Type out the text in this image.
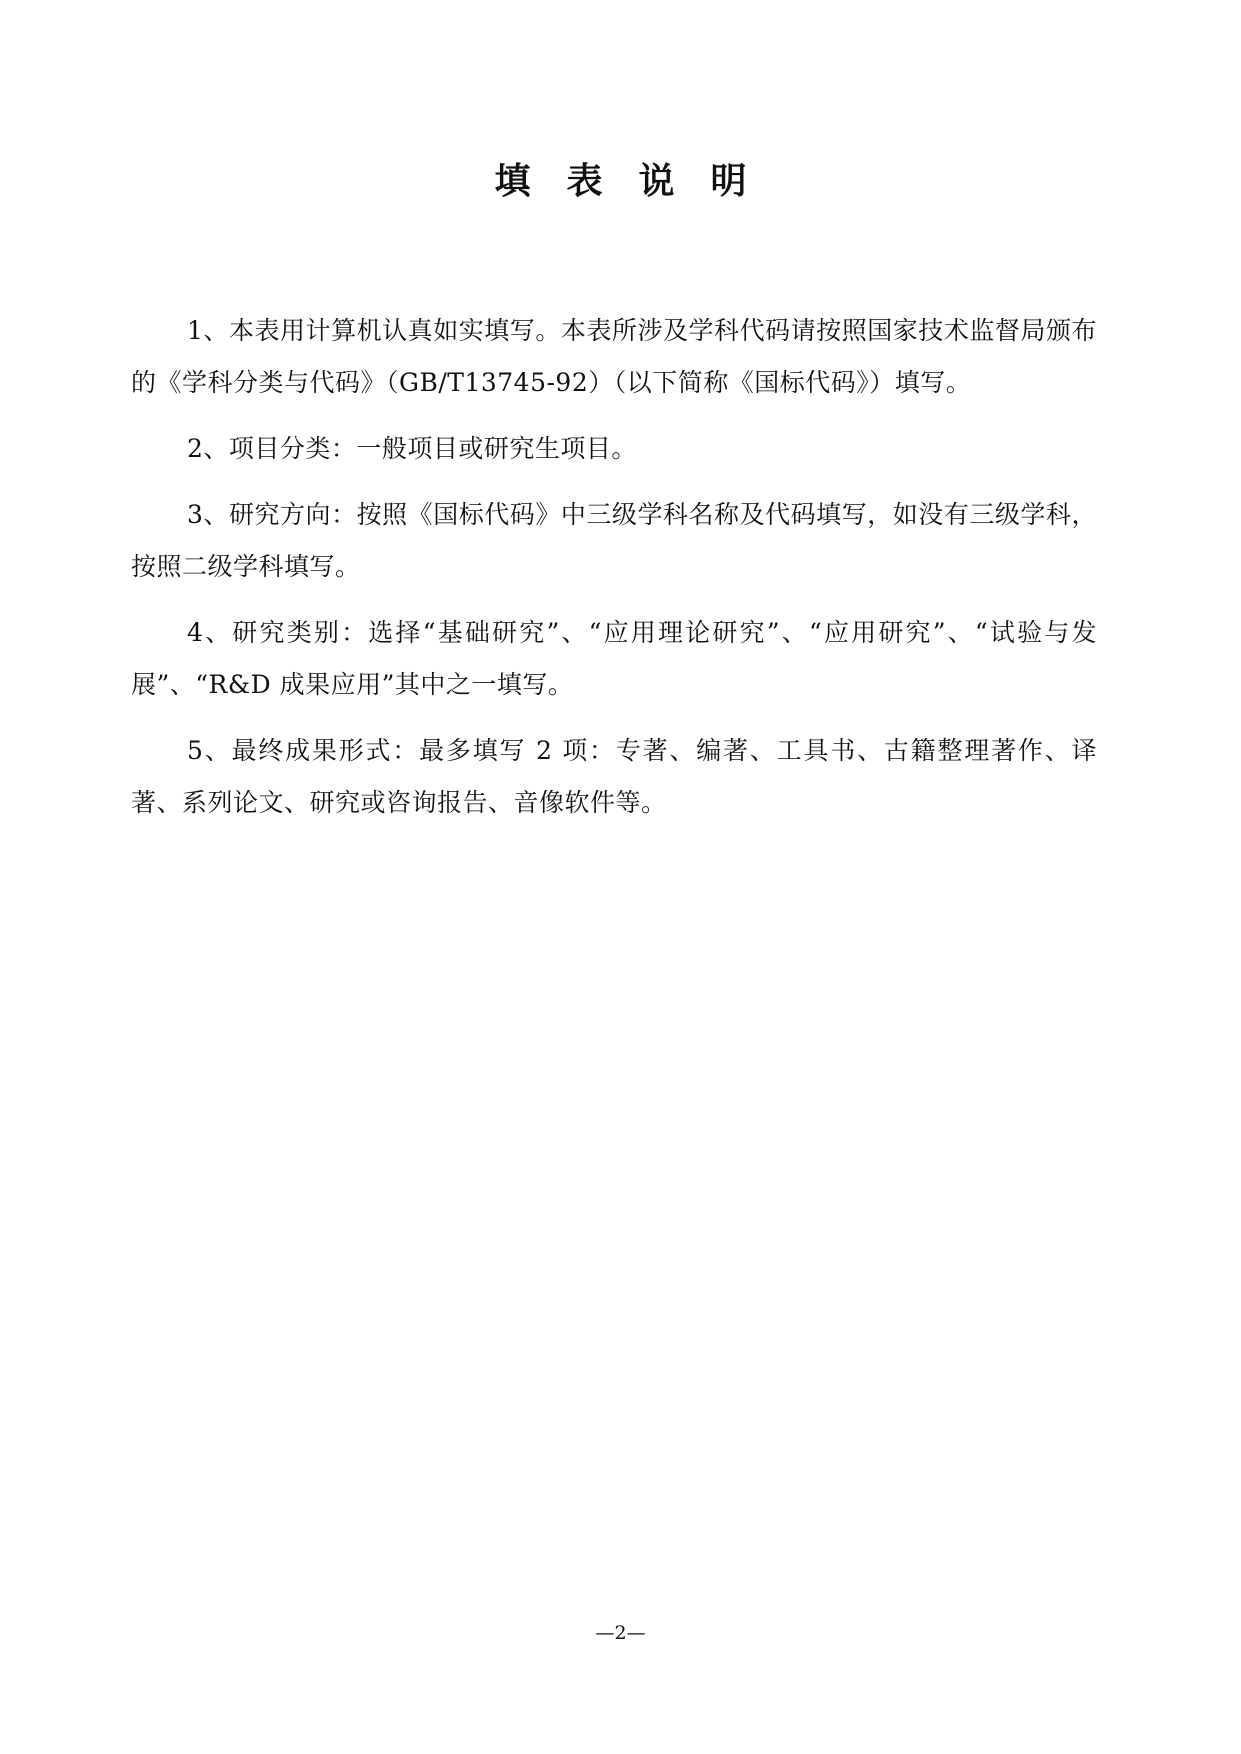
填表说明

1、本表用计算机认真如实填写。本表所涉及学科代码请按照国家技术监督局颁布的《学科分类与代码》（GB/T13745-92）（以下简称《国标代码》）填写。

2、项目分类：一般项目或研究生项目。

3、研究方向：按照《国标代码》中三级学科名称及代码填写，如没有三级学科，按照二级学科填写。

4、研究类别：选择“基础研究”、“应用理论研究”、“应用研究”、“试验与发展”、“R&D 成果应用”其中之一填写。

5、最终成果形式：最多填写 2 项：专著、编著、工具书、古籍整理著作、译著、系列论文、研究或咨询报告、音像软件等。

—2—
